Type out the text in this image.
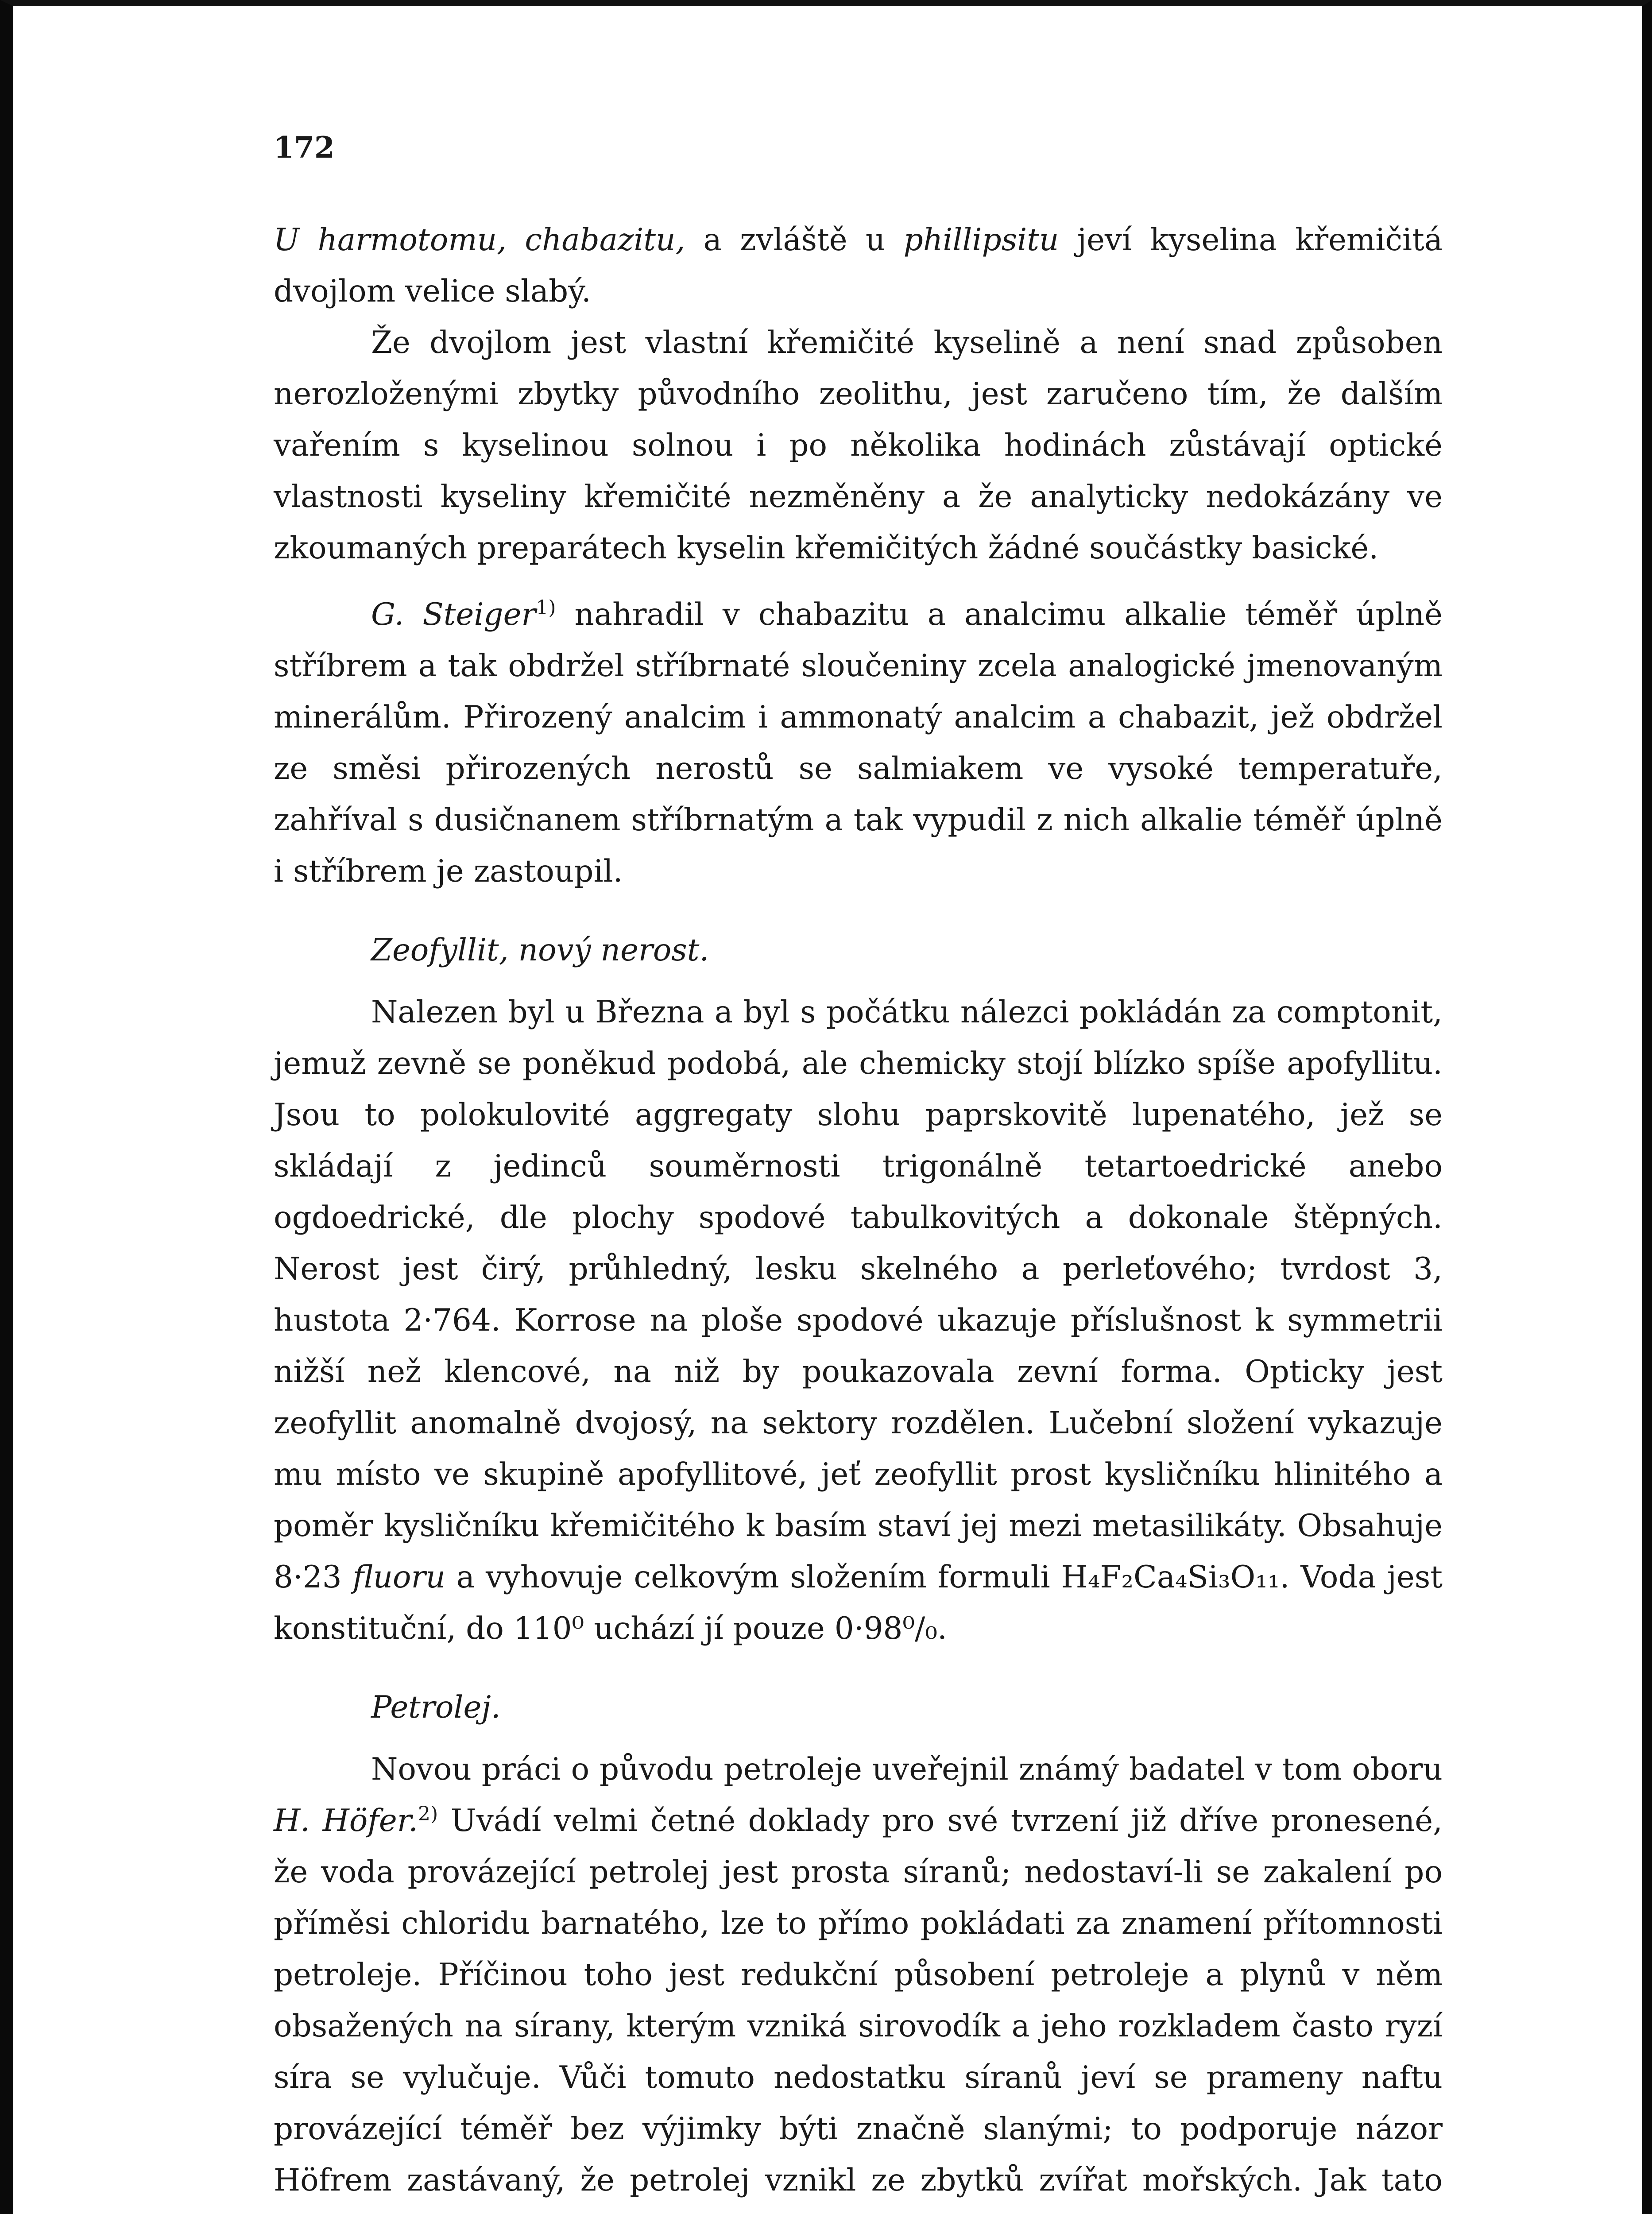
172

U harmotomu, chabazitu, a zvláště u phillipsitu jeví kyselina křemičitá dvojlom velice slabý.

Že dvojlom jest vlastní křemičité kyselině a není snad způsoben nerozloženými zbytky původního zeolithu, jest zaručeno tím, že dalším vařením s kyselinou solnou i po několika hodinách zůstávají optické vlastnosti kyseliny křemičité nezměněny a že analyticky nedokázány ve zkoumaných preparátech kyselin křemičitých žádné součástky basické.

G. Steiger$^{1)}$ nahradil v chabazitu a analcimu alkalie téměř úplně stříbrem a tak obdržel stříbrnaté sloučeniny zcela analogické jmenovaným minerálům. Přirozený analcim i ammonatý analcim a chabazit, jež obdržel ze směsi přirozených nerostů se salmiakem ve vysoké temperatuře, zahříval s dusičnanem stříbrnatým a tak vypudil z nich alkalie téměř úplně i stříbrem je zastoupil.

Zeofyllit, nový nerost.

Nalezen byl u Března a byl s počátku nálezci pokládán za comptonit, jemuž zevně se poněkud podobá, ale chemicky stojí blízko spíše apofyllitu. Jsou to polokulovité aggregaty slohu paprskovitě lupenatého, jež se skládají z jedinců souměrnosti trigonálně tetartoedrické anebo ogdoedrické, dle plochy spodové tabulkovitých a dokonale štěpných. Nerost jest čirý, průhledný, lesku skelného a perleťového; tvrdost 3, hustota 2·764. Korrose na ploše spodové ukazuje příslušnost k symmetrii nižší než klencové, na niž by poukazovala zevní forma. Opticky jest zeofyllit anomalně dvojosý, na sektory rozdělen. Lučební složení vykazuje mu místo ve skupině apofyllitové, jeť zeofyllit prost kysličníku hlinitého a poměr kysličníku křemičitého k basím staví jej mezi metasilikáty. Obsahuje 8·23 fluoru a vyhovuje celkovým složením formuli H₄F₂Ca₄Si₃O₁₁. Voda jest konstituční, do 110⁰ uchází jí pouze 0·98⁰/₀.

Petrolej.

Novou práci o původu petroleje uveřejnil známý badatel v tom oboru H. Höfer.$^{2)}$ Uvádí velmi četné doklady pro své tvrzení již dříve pronesené, že voda provázející petrolej jest prosta síranů; nedostaví-li se zakalení po příměsi chloridu barnatého, lze to přímo pokládati za znamení přítomnosti petroleje. Příčinou toho jest redukční působení petroleje a plynů v něm obsažených na sírany, kterým vzniká sirovodík a jeho rozkladem často ryzí síra se vylučuje. Vůči tomuto nedostatku síranů jeví se prameny naftu provázející téměř bez výjimky býti značně slanými; to podporuje názor Höfrem zastávaný, že petrolej vznikl ze zbytků zvířat mořských. Jak tato
